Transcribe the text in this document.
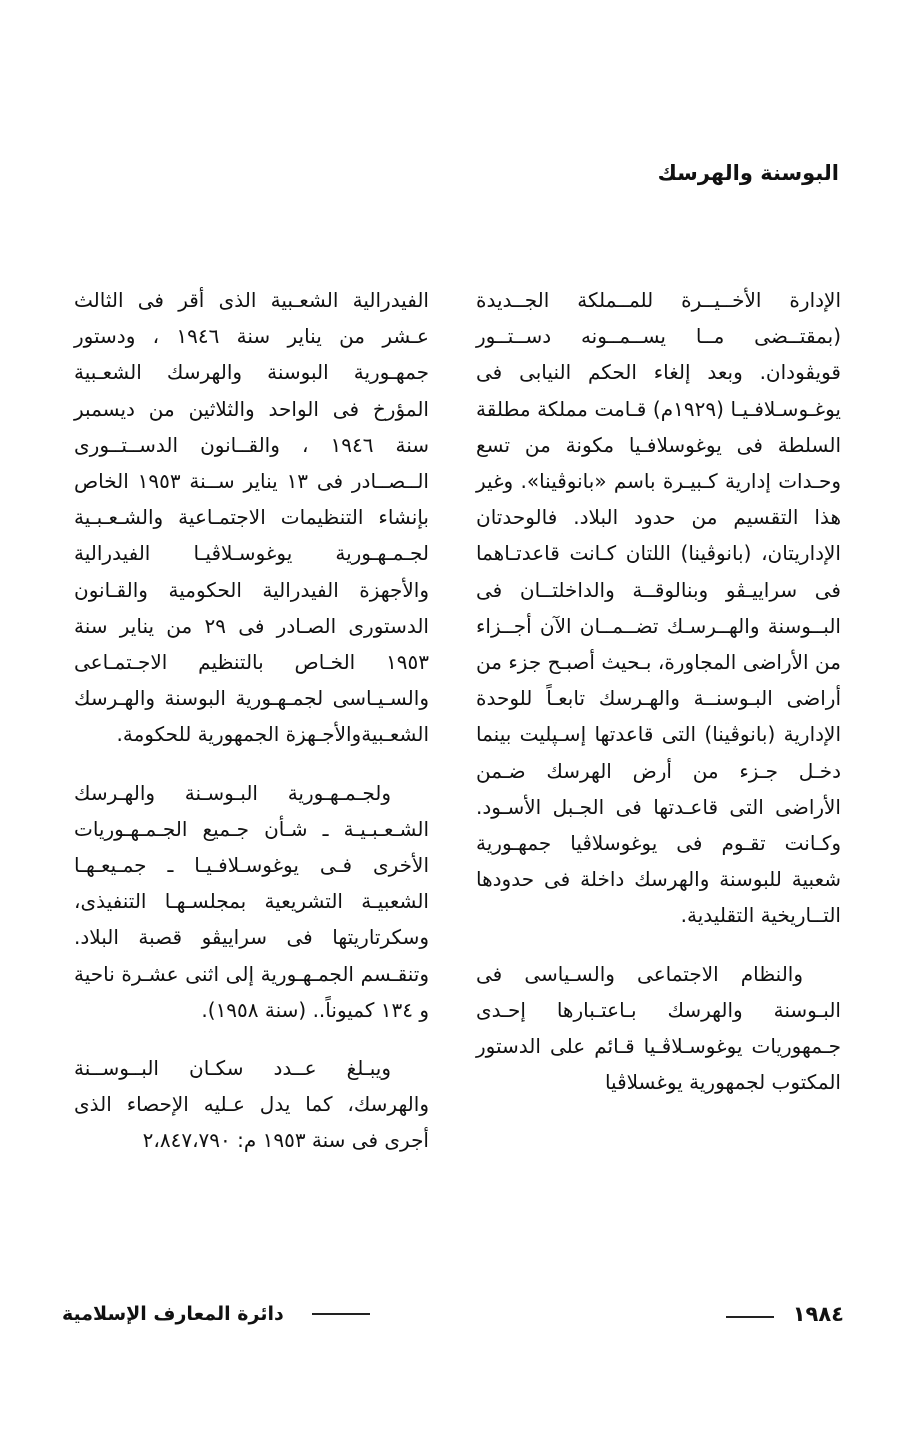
البوسنة والهرسك

الإدارة الأخــيــرة للمــملكة الجــديدة (بمقتــضى مــا يســمــونه دســتــور قويڤودان. وبعد إلغاء الحكم النيابى فى يوغـوسـلافـيـا (١٩٢٩م) قـامت مملكة مطلقة السلطة فى يوغوسلافـيا مكونة من تسع وحـدات إدارية كـبيـرة باسم «بانوڤينا». وغير هذا التقسيم من حدود البلاد. فالوحدتان الإداريتان، (بانوڤينا) اللتان كـانت قاعدتـاهما فى سراييـڤو وبنالوقــة والداخلتــان فى البــوسنة والهــرسـك تضــمــان الآن أجــزاء من الأراضى المجاورة، بـحيث أصبـح جزء من أراضى البـوسنــة والهـرسك تابعـاً للوحدة الإدارية (بانوڤينا) التى قاعدتها إسـپليت بينما دخـل جـزء من أرض الهرسك ضـمن الأراضى التى قاعـدتها فى الجـبل الأسـود. وكـانت تقـوم فى يوغوسلاڤيا جمهـورية شعبية للبوسنة والهرسك داخلة فى حدودها التــاريخية التقليدية.

والنظام الاجتماعى والسـياسى فى البـوسنة والهرسك بـاعتـبارها إحـدى جـمهوريات يوغوسـلاڤـيا قـائم على الدستور المكتوب لجمهورية يوغسلاڤيا

الفيدرالية الشعـبية الذى أقر فى الثالث عـشر من يناير سنة ١٩٤٦ ، ودستور جمهـورية البوسنة والهرسك الشعـبية المؤرخ فى الواحد والثلاثين من ديسمبر سنة ١٩٤٦ ، والقــانون الدســتــورى الــصــادر فى ١٣ يناير ســنة ١٩٥٣ الخاص بإنشاء التنظيمات الاجتمـاعية والشـعـبـية لجـمـهـورية يوغوسـلاڤيـا الفيدرالية والأجهزة الفيدرالية الحكومية والقـانون الدستورى الصـادر فى ٢٩ من يناير سنة ١٩٥٣ الخـاص بالتنظيم الاجـتمـاعى والسـيـاسى لجمـهـورية البوسنة والهـرسك الشعـبيةوالأجـهزة الجمهورية للحكومة.

ولجـمـهـورية البـوسـنة والهـرسك الشـعـبـيـة ـ شـأن جـميع الجـمـهـوريات الأخرى فـى يوغوسـلافـيـا ـ جمـيعـهـا الشعبيـة التشريعية بمجلسـهـا التنفيذى، وسكرتاريتها فى سراييڤو قصبة البلاد. وتنقـسم الجمـهـورية إلى اثنى عشـرة ناحية و ١٣٤ كميوناً.. (سنة ١٩٥٨).

ويبـلغ عــدد سكـان البــوســنة والهرسك، كما يدل عـليه الإحصاء الذى أجرى فى سنة ١٩٥٣ م: ٢،٨٤٧،٧٩٠

١٩٨٤
دائرة المعارف الإسلامية
